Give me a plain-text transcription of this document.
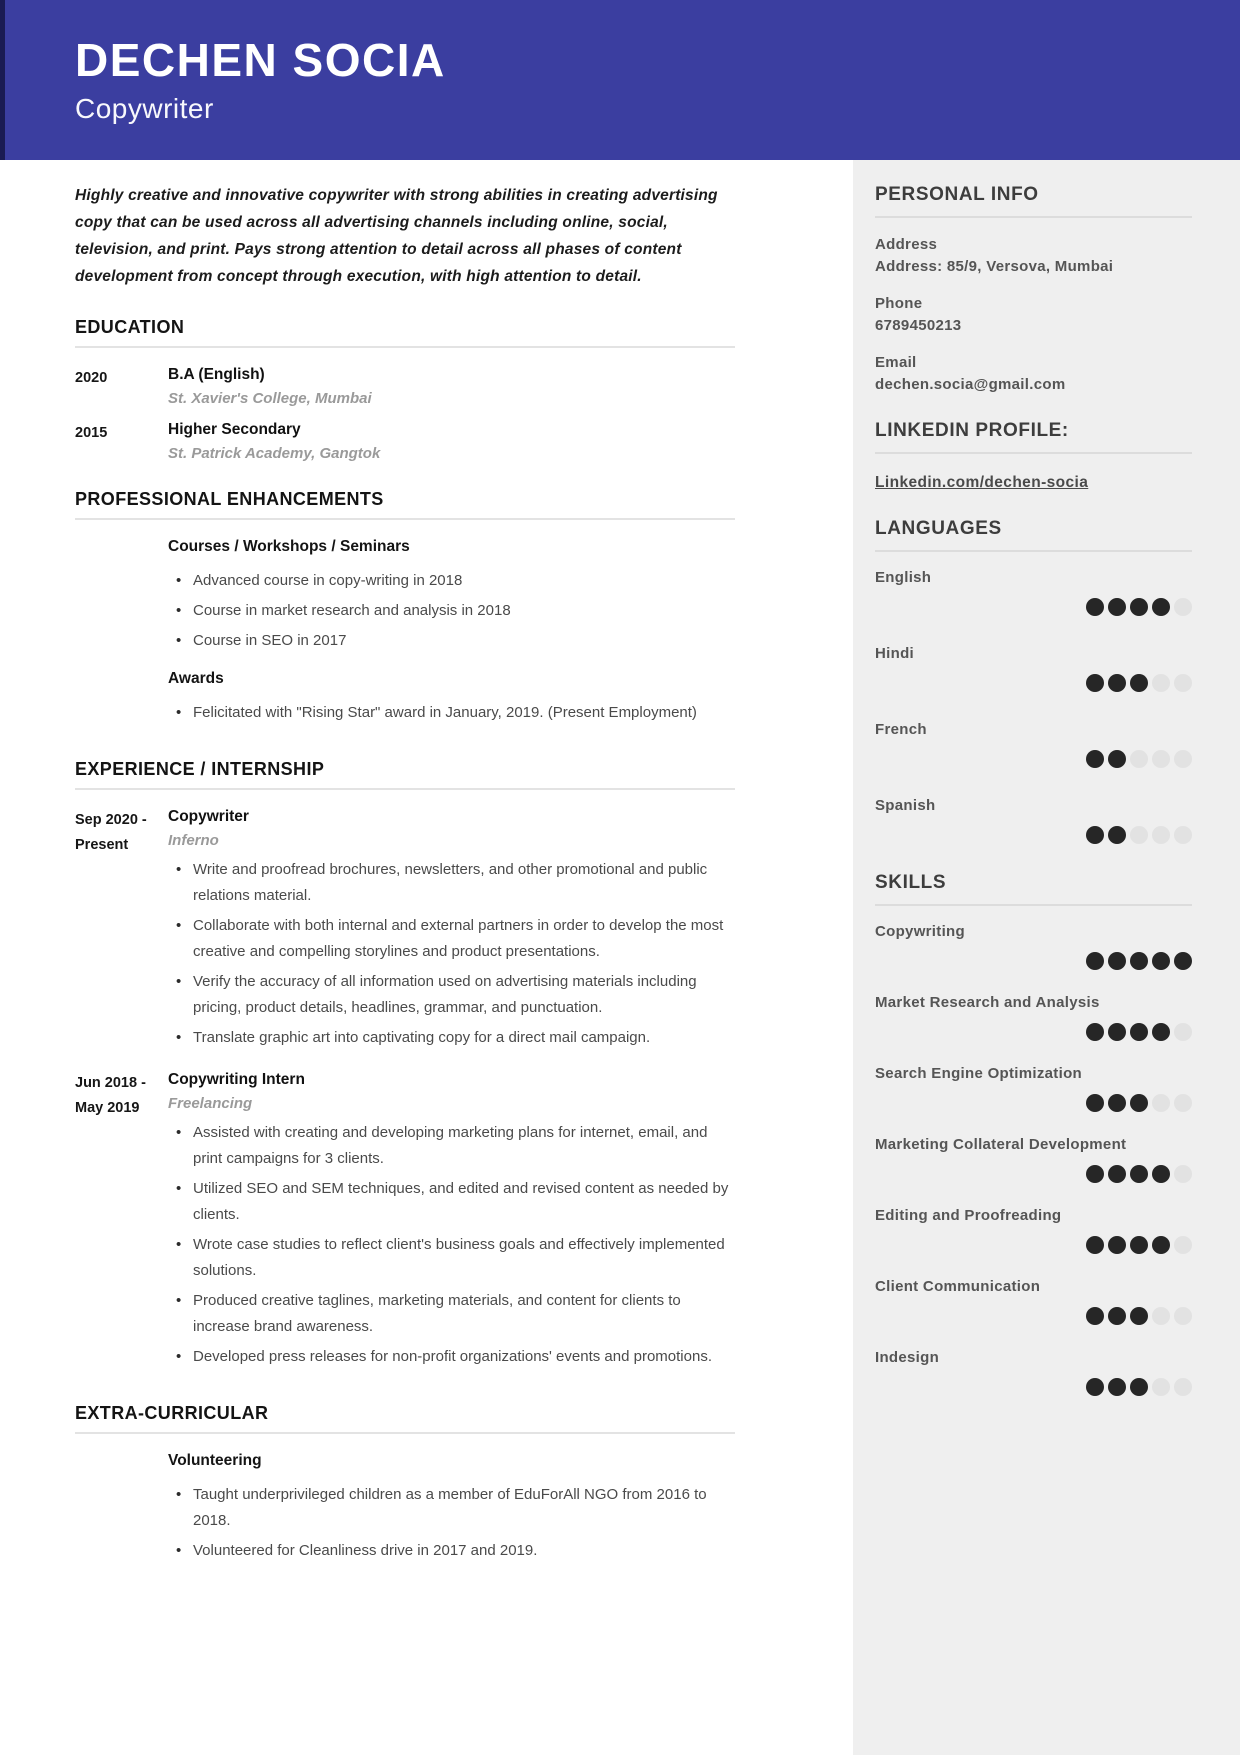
DECHEN SOCIA
Copywriter

Highly creative and innovative copywriter with strong abilities in creating advertising copy that can be used across all advertising channels including online, social, television, and print. Pays strong attention to detail across all phases of content development from concept through execution, with high attention to detail.

EDUCATION
2020	B.A (English)
St. Xavier's College, Mumbai
2015	Higher Secondary
St. Patrick Academy, Gangtok
PROFESSIONAL ENHANCEMENTS
Courses / Workshops / Seminars
• Advanced course in copy-writing in 2018
• Course in market research and analysis in 2018
• Course in SEO in 2017
Awards
• Felicitated with "Rising Star" award in January, 2019. (Present Employment)
EXPERIENCE / INTERNSHIP
Sep 2020 -
Present
Copywriter
Inferno
• Write and proofread brochures, newsletters, and other promotional and public relations material.
• Collaborate with both internal and external partners in order to develop the most creative and compelling storylines and product presentations.
• Verify the accuracy of all information used on advertising materials including pricing, product details, headlines, grammar, and punctuation.
• Translate graphic art into captivating copy for a direct mail campaign.
Jun 2018 -
May 2019
Copywriting Intern
Freelancing
• Assisted with creating and developing marketing plans for internet, email, and print campaigns for 3 clients.
• Utilized SEO and SEM techniques, and edited and revised content as needed by clients.
• Wrote case studies to reflect client's business goals and effectively implemented solutions.
• Produced creative taglines, marketing materials, and content for clients to increase brand awareness.
• Developed press releases for non-profit organizations' events and promotions.
EXTRA-CURRICULAR
Volunteering
• Taught underprivileged children as a member of EduForAll NGO from 2016 to 2018.
• Volunteered for Cleanliness drive in 2017 and 2019.
PERSONAL INFO
Address
Address: 85/9, Versova, Mumbai
Phone
6789450213
Email
dechen.socia@gmail.com
LINKEDIN PROFILE:
Linkedin.com/dechen-socia
LANGUAGES
English
Hindi
French
Spanish
SKILLS
Copywriting
Market Research and Analysis
Search Engine Optimization
Marketing Collateral Development
Editing and Proofreading
Client Communication
Indesign
